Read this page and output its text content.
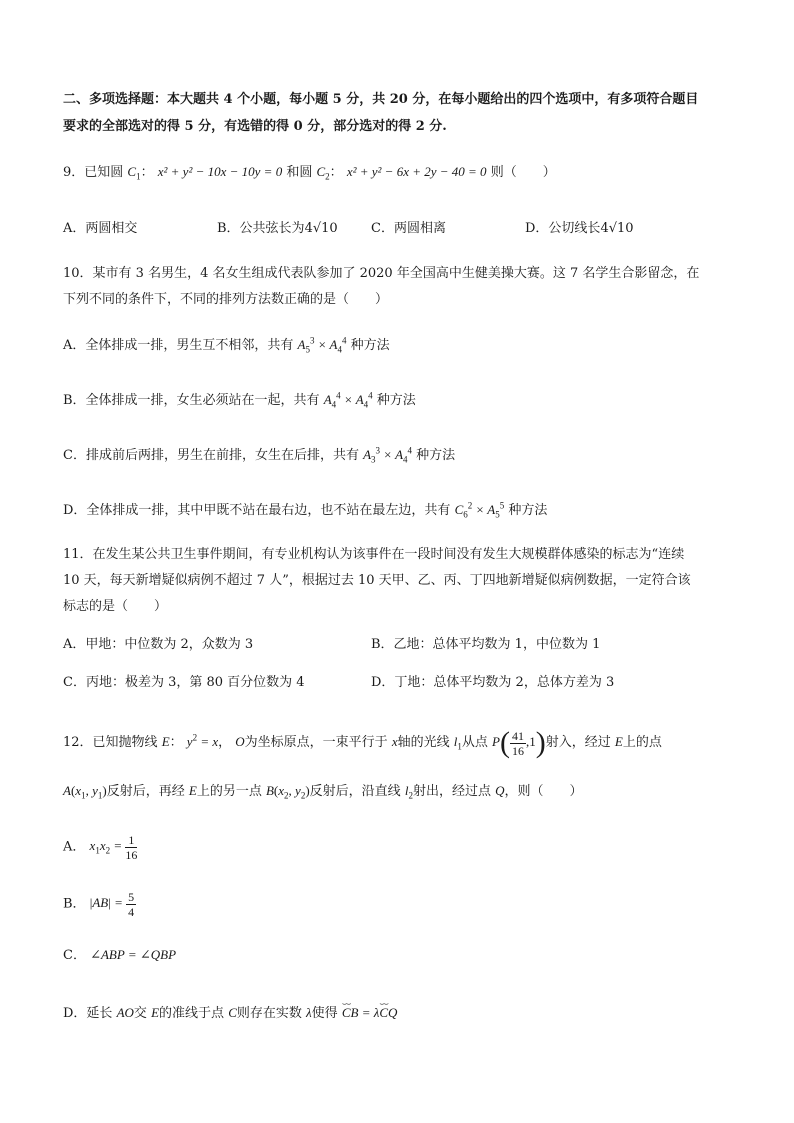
二、多项选择题：本大题共 4 个小题，每小题 5 分，共 20 分，在每小题给出的四个选项中，有多项符合题目
要求的全部选对的得 5 分，有选错的得 0 分，部分选对的得 2 分.
9．已知圆 $C_1$： x² + y² − 10x − 10y = 0 和圆 $C_2$： x² + y² − 6x + 2y − 40 = 0 则（　　）
A．两圆相交	B．公共弦长为4√10	C．两圆相离	D．公切线长4√10
10．某市有 3 名男生，4 名女生组成代表队参加了 2020 年全国高中生健美操大赛。这 7 名学生合影留念，在
下列不同的条件下，不同的排列方法数正确的是（　　）
A．全体排成一排，男生互不相邻，共有 $A_5^3 \times A_4^4$ 种方法
B．全体排成一排，女生必须站在一起，共有 $A_4^4 \times A_4^4$ 种方法
C．排成前后两排，男生在前排，女生在后排，共有 $A_3^3 \times A_4^4$ 种方法
D．全体排成一排，其中甲既不站在最右边，也不站在最左边，共有 $C_6^2 \times A_5^5$ 种方法
11．在发生某公共卫生事件期间，有专业机构认为该事件在一段时间没有发生大规模群体感染的标志为“连续
10 天，每天新增疑似病例不超过 7 人”，根据过去 10 天甲、乙、丙、丁四地新增疑似病例数据，一定符合该
标志的是（　　）
A．甲地：中位数为 2，众数为 3	B．乙地：总体平均数为 1，中位数为 1
C．丙地：极差为 3，第 80 百分位数为 4	D．丁地：总体平均数为 2，总体方差为 3
12．已知抛物线 E： $y^2 = x$， O为坐标原点，一束平行于 x轴的光线 $l_1$从点 $P( \frac{41}{16} ,1)$射入，经过 E上的点
$A(x_1$, $y_1$)反射后，再经 E上的另一点 $B(x_2$, $y_2$)反射后，沿直线 $l_2$射出，经过点 Q，则（　　）
A． $x_1x_2 = \frac{1}{16}$
B． $|AB| = \frac{5}{4}$
C． ∠ABP = ∠QBP
D．延长 AO交 E的准线于点 C则存在实数 λ使得 ⌣⌣ CB = λ⌣⌣ CQ
